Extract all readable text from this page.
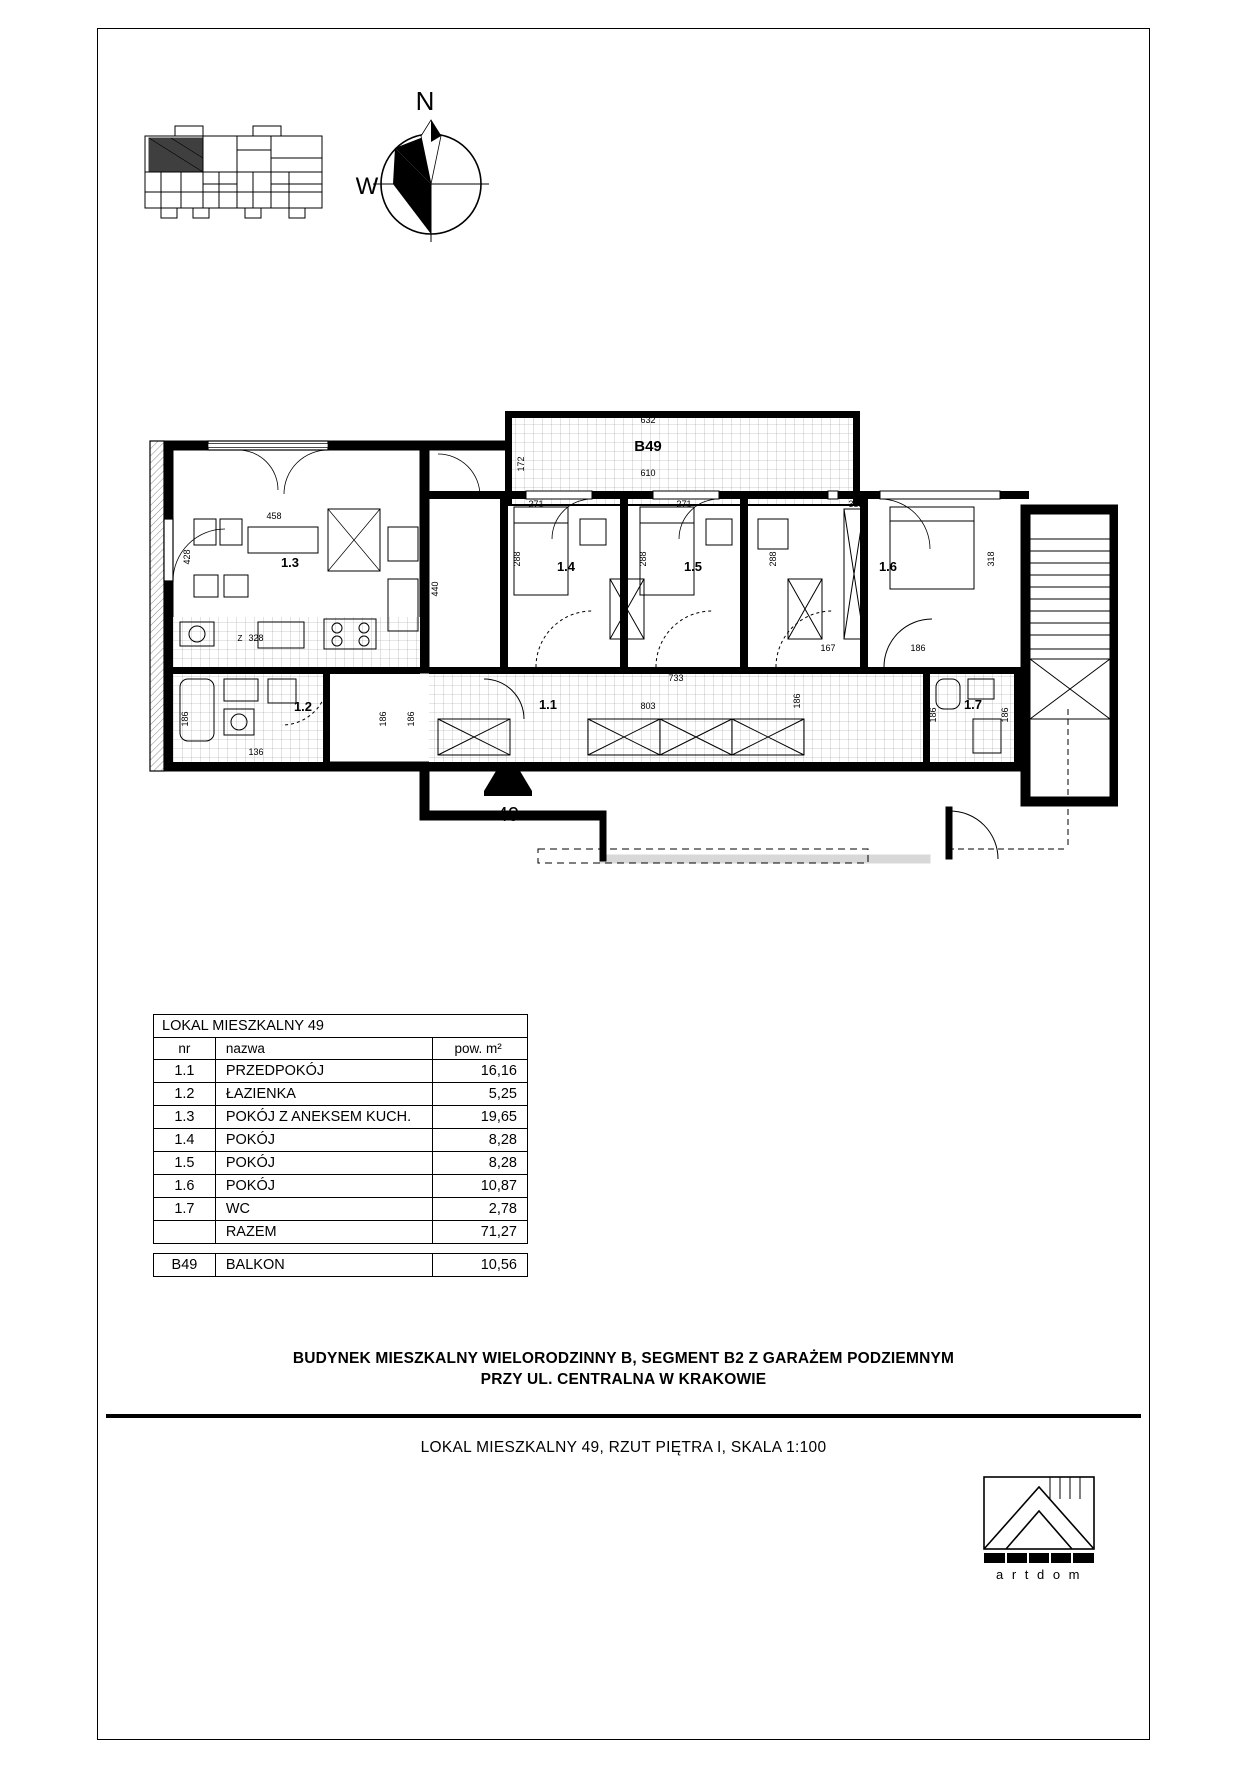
N
W
B49
610
632
172
49
1.3	1.4	1.5	1.6
1.2	1.1	1.7
458
428
440
328
Z
186	186 186
186
271	271
288	288	288
353
318
186
167
733
803
186	186
136
LOKAL MIESZKALNY 49		
nr	nazwa	pow. m²
1.1	PRZEDPOKÓJ	16,16
1.2	ŁAZIENKA	5,25
1.3	POKÓJ Z ANEKSEM KUCH.	19,65
1.4	POKÓJ	8,28
1.5	POKÓJ	8,28
1.6	POKÓJ	10,87
1.7	WC	2,78
	RAZEM	71,27
B49	BALKON	10,56
BUDYNEK MIESZKALNY WIELORODZINNY B, SEGMENT B2 Z GARAŻEM PODZIEMNYM
PRZY UL. CENTRALNA W KRAKOWIE
LOKAL MIESZKALNY 49, RZUT PIĘTRA I, SKALA 1:100
a r t d o m
